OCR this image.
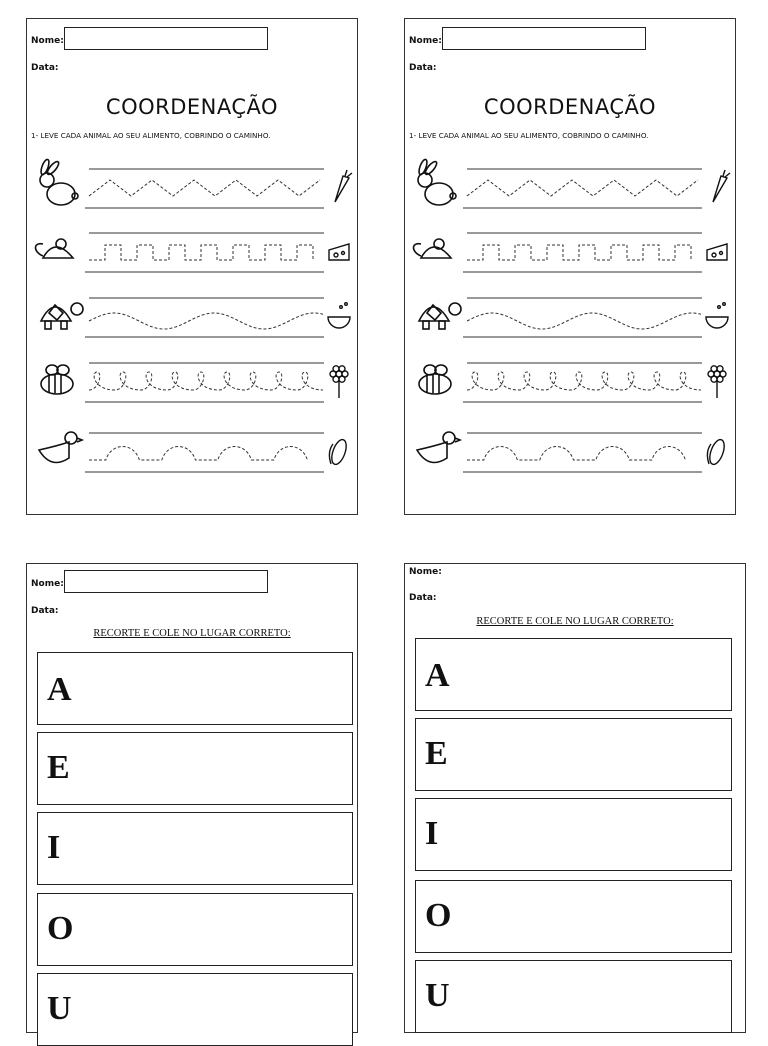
Nome:
Data:
COORDENAÇÃO
1- LEVE CADA ANIMAL AO SEU ALIMENTO, COBRINDO O CAMINHO.
Nome:
Data:
COORDENAÇÃO
1- LEVE CADA ANIMAL AO SEU ALIMENTO, COBRINDO O CAMINHO.
Nome:
Data:
RECORTE E COLE NO LUGAR CORRETO:
A
E
I
O
U
Nome:
Data:
RECORTE E COLE NO LUGAR CORRETO:
A
E
I
O
U
